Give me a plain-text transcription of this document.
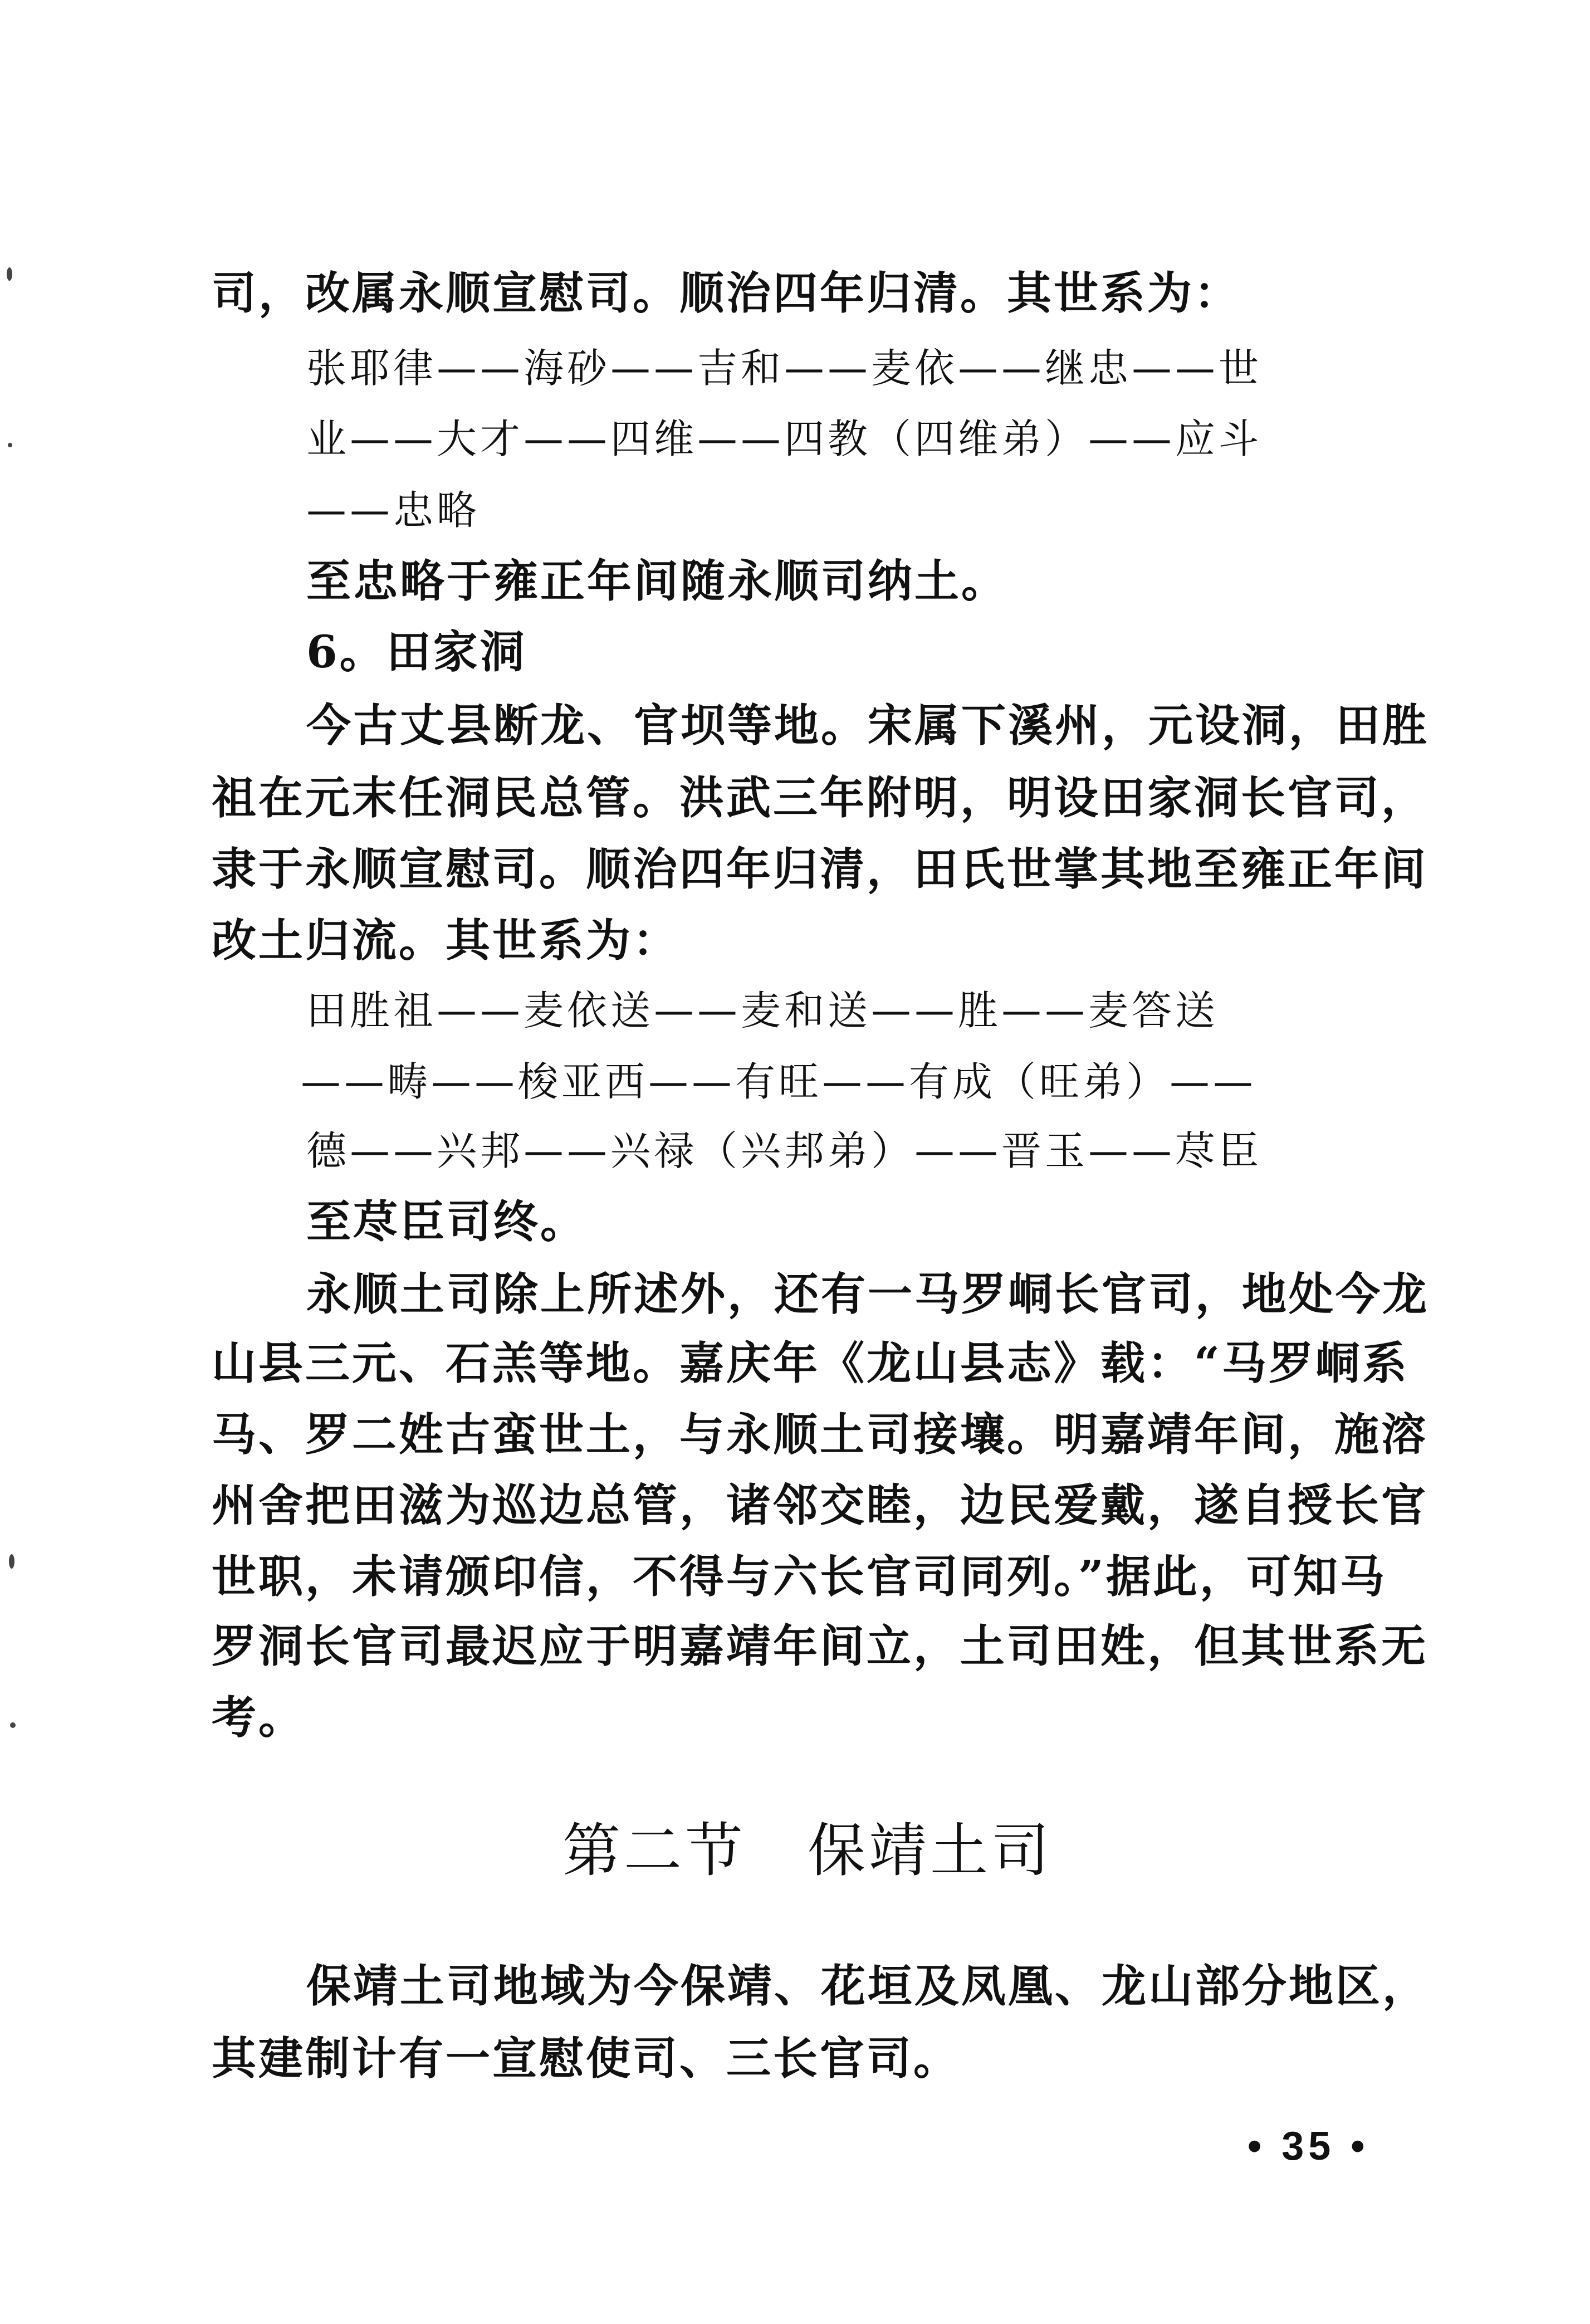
司，改属永顺宣慰司。顺治四年归清。其世系为：

张耶律——海砂——吉和——麦依——继忠——世

业——大才——四维——四教（四维弟）——应斗

——忠略

至忠略于雍正年间随永顺司纳土。

6。田家洞

今古丈县断龙、官坝等地。宋属下溪州，元设洞，田胜

祖在元末任洞民总管。洪武三年附明，明设田家洞长官司，

隶于永顺宣慰司。顺治四年归清，田氏世掌其地至雍正年间

改土归流。其世系为：

田胜祖——麦依送——麦和送——胜——麦答送

——畴——梭亚西——有旺——有成（旺弟）——

德——兴邦——兴禄（兴邦弟）——晋玉——荩臣

至荩臣司终。

永顺土司除上所述外，还有一马罗峒长官司，地处今龙

山县三元、石羔等地。嘉庆年《龙山县志》载：“马罗峒系

马、罗二姓古蛮世土，与永顺土司接壤。明嘉靖年间，施溶

州舍把田滋为巡边总管，诸邻交睦，边民爱戴，遂自授长官

世职，未请颁印信，不得与六长官司同列。”据此，可知马

罗洞长官司最迟应于明嘉靖年间立，土司田姓，但其世系无

考。

第二节　保靖土司

保靖土司地域为今保靖、花垣及凤凰、龙山部分地区，

其建制计有一宣慰使司、三长官司。

• 35 •
